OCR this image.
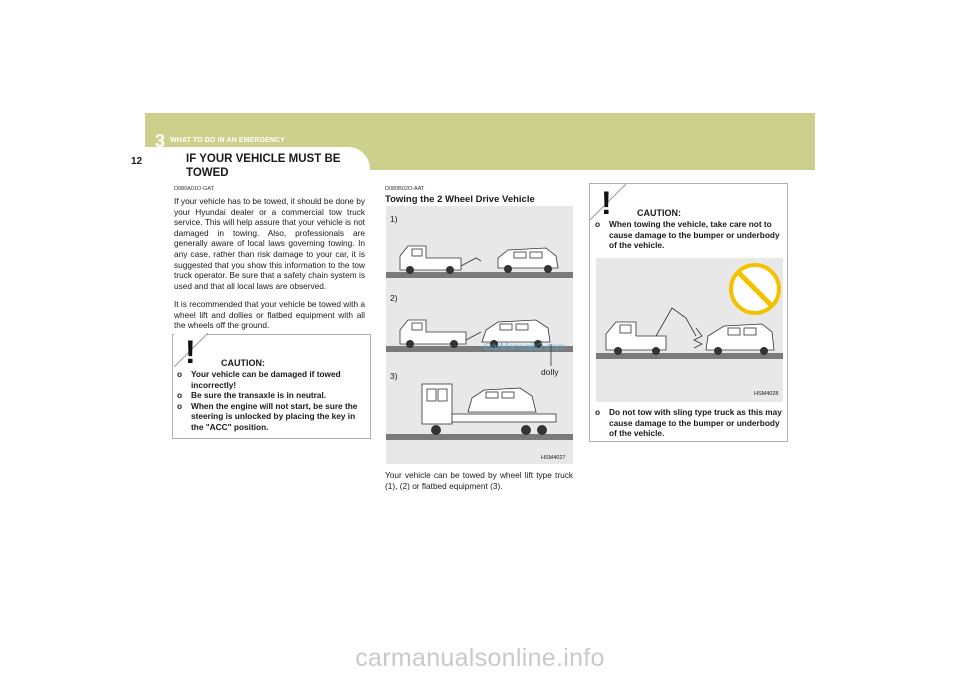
3 WHAT TO DO IN AN EMERGENCY
12	IF YOUR VEHICLE MUST BE TOWED
D080A01O-GAT
If your vehicle has to be towed, it should be done by your Hyundai dealer or a commercial tow truck service. This will help assure that your vehicle is not damaged in towing. Also, professionals are generally aware of local laws governing towing. In any case, rather than risk damage to your car, it is suggested that you show this information to the tow truck operator. Be sure that a safety chain system is used and that all local laws are observed.
It is recommended that your vehicle be towed with a wheel lift and dollies or flatbed equipment with all the wheels off the ground.
!	CAUTION:
o Your vehicle can be damaged if towed incorrectly!
o Be sure the transaxle is in neutral.
o When the engine will not start, be sure the steering is unlocked by placing the key in the "ACC" position.
D080B02O-AAT
Towing the 2 Wheel Drive Vehicle
1)
2)
3)	dolly
HSM4027
Your vehicle can be towed by wheel lift type truck (1), (2) or flatbed equipment (3).
!	CAUTION:
o When towing the vehicle, take care not to cause damage to the bumper or underbody of the vehicle.
HSM4028
o Do not tow with sling type truck as this may cause damage to the bumper or underbody of the vehicle.
CarManuals2.com
carmanualsonline.info
